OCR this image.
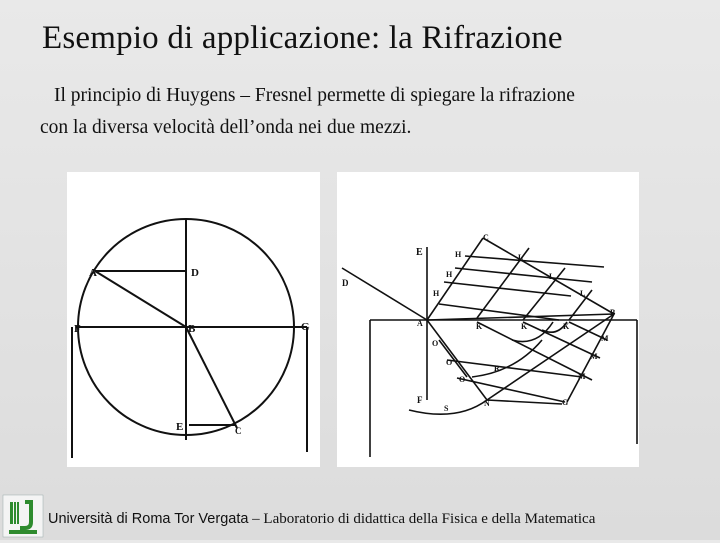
Esempio di applicazione: la Rifrazione
Il principio di Huygens – Fresnel permette di spiegare la rifrazione
con la diversa velocità dell’onda nei due mezzi.
A	D
F	B	G
E	C
E
C
H
H
H
L
L
L
D
A	K	K	K
B
O
O
O
R
M
M
M
F
S
N	G
Università di Roma Tor Vergata – Laboratorio di didattica della Fisica e della Matematica
